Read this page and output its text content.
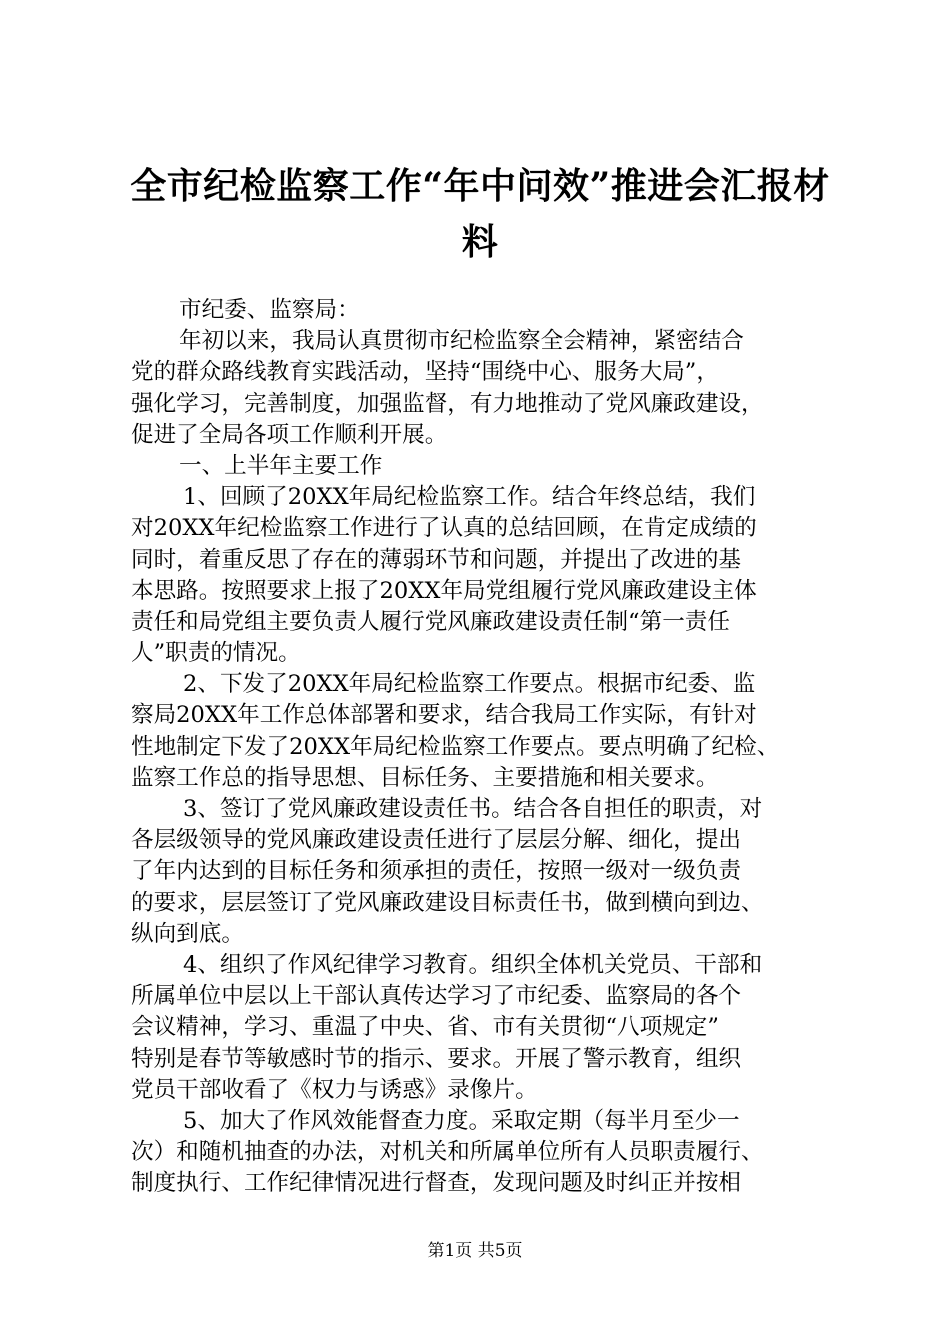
全市纪检监察工作“年中问效”推进会汇报材
料
市纪委、监察局：
年初以来，我局认真贯彻市纪检监察全会精神，紧密结合
党的群众路线教育实践活动，坚持“围绕中心、服务大局”，
强化学习，完善制度，加强监督，有力地推动了党风廉政建设，
促进了全局各项工作顺利开展。
一、上半年主要工作
1、回顾了20XX年局纪检监察工作。结合年终总结，我们
对20XX年纪检监察工作进行了认真的总结回顾，在肯定成绩的
同时，着重反思了存在的薄弱环节和问题，并提出了改进的基
本思路。按照要求上报了20XX年局党组履行党风廉政建设主体
责任和局党组主要负责人履行党风廉政建设责任制“第一责任
人”职责的情况。
2、下发了20XX年局纪检监察工作要点。根据市纪委、监
察局20XX年工作总体部署和要求，结合我局工作实际，有针对
性地制定下发了20XX年局纪检监察工作要点。要点明确了纪检、
监察工作总的指导思想、目标任务、主要措施和相关要求。
3、签订了党风廉政建设责任书。结合各自担任的职责，对
各层级领导的党风廉政建设责任进行了层层分解、细化，提出
了年内达到的目标任务和须承担的责任，按照一级对一级负责
的要求，层层签订了党风廉政建设目标责任书，做到横向到边、
纵向到底。
4、组织了作风纪律学习教育。组织全体机关党员、干部和
所属单位中层以上干部认真传达学习了市纪委、监察局的各个
会议精神，学习、重温了中央、省、市有关贯彻“八项规定”
特别是春节等敏感时节的指示、要求。开展了警示教育，组织
党员干部收看了《权力与诱惑》录像片。
5、加大了作风效能督查力度。采取定期（每半月至少一
次）和随机抽查的办法，对机关和所属单位所有人员职责履行、
制度执行、工作纪律情况进行督查，发现问题及时纠正并按相
第1页 共5页
